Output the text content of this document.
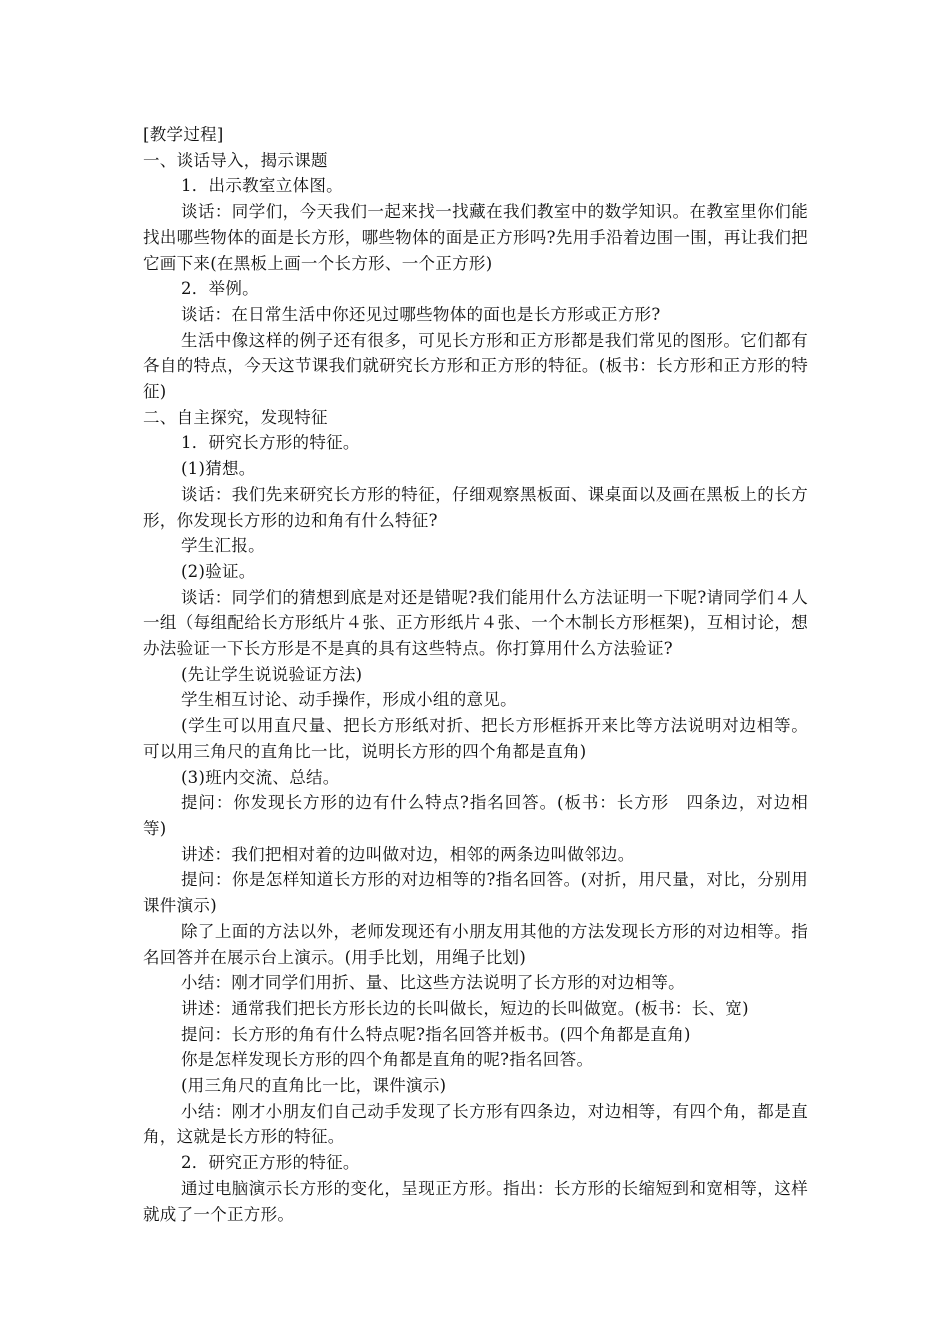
[教学过程]

一、谈话导入，揭示课题

1．出示教室立体图。

谈话：同学们，今天我们一起来找一找藏在我们教室中的数学知识。在教室里你们能找出哪些物体的面是长方形，哪些物体的面是正方形吗?先用手沿着边围一围，再让我们把它画下来(在黑板上画一个长方形、一个正方形)

2．举例。

谈话：在日常生活中你还见过哪些物体的面也是长方形或正方形?

生活中像这样的例子还有很多，可见长方形和正方形都是我们常见的图形。它们都有各自的特点，今天这节课我们就研究长方形和正方形的特征。(板书：长方形和正方形的特征)

二、自主探究，发现特征

1．研究长方形的特征。

(1)猜想。

谈话：我们先来研究长方形的特征，仔细观察黑板面、课桌面以及画在黑板上的长方形，你发现长方形的边和角有什么特征?

学生汇报。

(2)验证。

谈话：同学们的猜想到底是对还是错呢?我们能用什么方法证明一下呢?请同学们４人一组（每组配给长方形纸片４张、正方形纸片４张、一个木制长方形框架)，互相讨论，想办法验证一下长方形是不是真的具有这些特点。你打算用什么方法验证?

(先让学生说说验证方法)

学生相互讨论、动手操作，形成小组的意见。

(学生可以用直尺量、把长方形纸对折、把长方形框拆开来比等方法说明对边相等。可以用三角尺的直角比一比，说明长方形的四个角都是直角)

(3)班内交流、总结。

提问：你发现长方形的边有什么特点?指名回答。(板书：长方形　四条边，对边相等)

讲述：我们把相对着的边叫做对边，相邻的两条边叫做邻边。

提问：你是怎样知道长方形的对边相等的?指名回答。(对折，用尺量，对比，分别用课件演示)

除了上面的方法以外，老师发现还有小朋友用其他的方法发现长方形的对边相等。指名回答并在展示台上演示。(用手比划，用绳子比划)

小结：刚才同学们用折、量、比这些方法说明了长方形的对边相等。

讲述：通常我们把长方形长边的长叫做长，短边的长叫做宽。(板书：长、宽)

提问：长方形的角有什么特点呢?指名回答并板书。(四个角都是直角)

你是怎样发现长方形的四个角都是直角的呢?指名回答。

(用三角尺的直角比一比，课件演示)

小结：刚才小朋友们自己动手发现了长方形有四条边，对边相等，有四个角，都是直角，这就是长方形的特征。

2．研究正方形的特征。

通过电脑演示长方形的变化，呈现正方形。指出：长方形的长缩短到和宽相等，这样就成了一个正方形。
